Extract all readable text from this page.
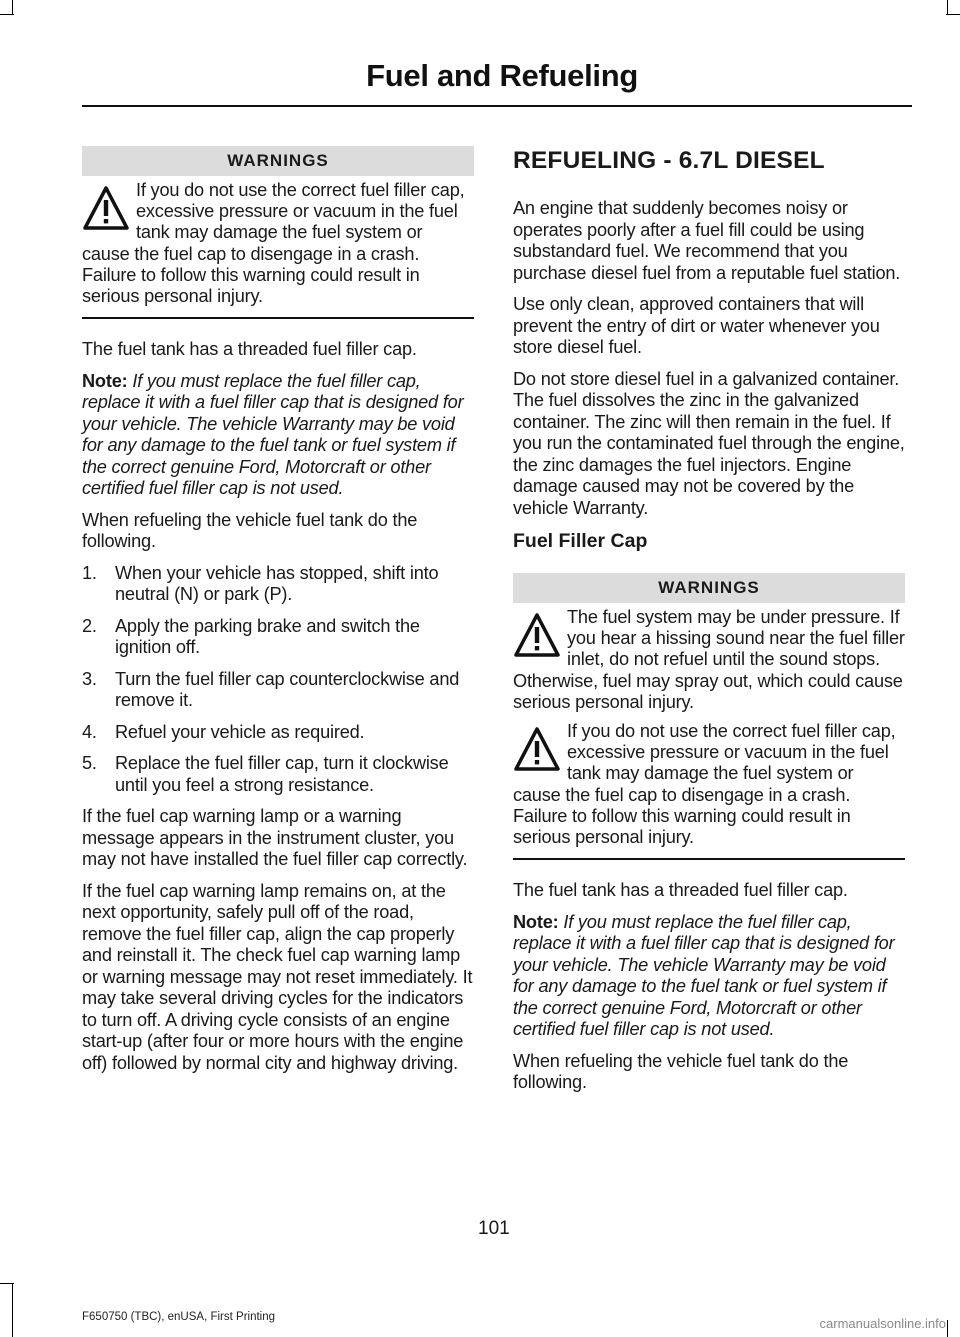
Fuel and Refueling
WARNINGS
If you do not use the correct fuel filler cap, excessive pressure or vacuum in the fuel tank may damage the fuel system or cause the fuel cap to disengage in a crash. Failure to follow this warning could result in serious personal injury.

The fuel tank has a threaded fuel filler cap.

Note: If you must replace the fuel filler cap, replace it with a fuel filler cap that is designed for your vehicle. The vehicle Warranty may be void for any damage to the fuel tank or fuel system if the correct genuine Ford, Motorcraft or other certified fuel filler cap is not used.

When refueling the vehicle fuel tank do the following.

1. When your vehicle has stopped, shift into neutral (N) or park (P).
2. Apply the parking brake and switch the ignition off.
3. Turn the fuel filler cap counterclockwise and remove it.
4. Refuel your vehicle as required.
5. Replace the fuel filler cap, turn it clockwise until you feel a strong resistance.

If the fuel cap warning lamp or a warning message appears in the instrument cluster, you may not have installed the fuel filler cap correctly.

If the fuel cap warning lamp remains on, at the next opportunity, safely pull off of the road, remove the fuel filler cap, align the cap properly and reinstall it. The check fuel cap warning lamp or warning message may not reset immediately. It may take several driving cycles for the indicators to turn off. A driving cycle consists of an engine start-up (after four or more hours with the engine off) followed by normal city and highway driving.

REFUELING - 6.7L DIESEL

An engine that suddenly becomes noisy or operates poorly after a fuel fill could be using substandard fuel. We recommend that you purchase diesel fuel from a reputable fuel station.

Use only clean, approved containers that will prevent the entry of dirt or water whenever you store diesel fuel.

Do not store diesel fuel in a galvanized container. The fuel dissolves the zinc in the galvanized container. The zinc will then remain in the fuel. If you run the contaminated fuel through the engine, the zinc damages the fuel injectors. Engine damage caused may not be covered by the vehicle Warranty.

Fuel Filler Cap
WARNINGS
The fuel system may be under pressure. If you hear a hissing sound near the fuel filler inlet, do not refuel until the sound stops. Otherwise, fuel may spray out, which could cause serious personal injury.
If you do not use the correct fuel filler cap, excessive pressure or vacuum in the fuel tank may damage the fuel system or cause the fuel cap to disengage in a crash. Failure to follow this warning could result in serious personal injury.

The fuel tank has a threaded fuel filler cap.

Note: If you must replace the fuel filler cap, replace it with a fuel filler cap that is designed for your vehicle. The vehicle Warranty may be void for any damage to the fuel tank or fuel system if the correct genuine Ford, Motorcraft or other certified fuel filler cap is not used.

When refueling the vehicle fuel tank do the following.

101
F650750 (TBC), enUSA, First Printing	carmanualsonline.info
